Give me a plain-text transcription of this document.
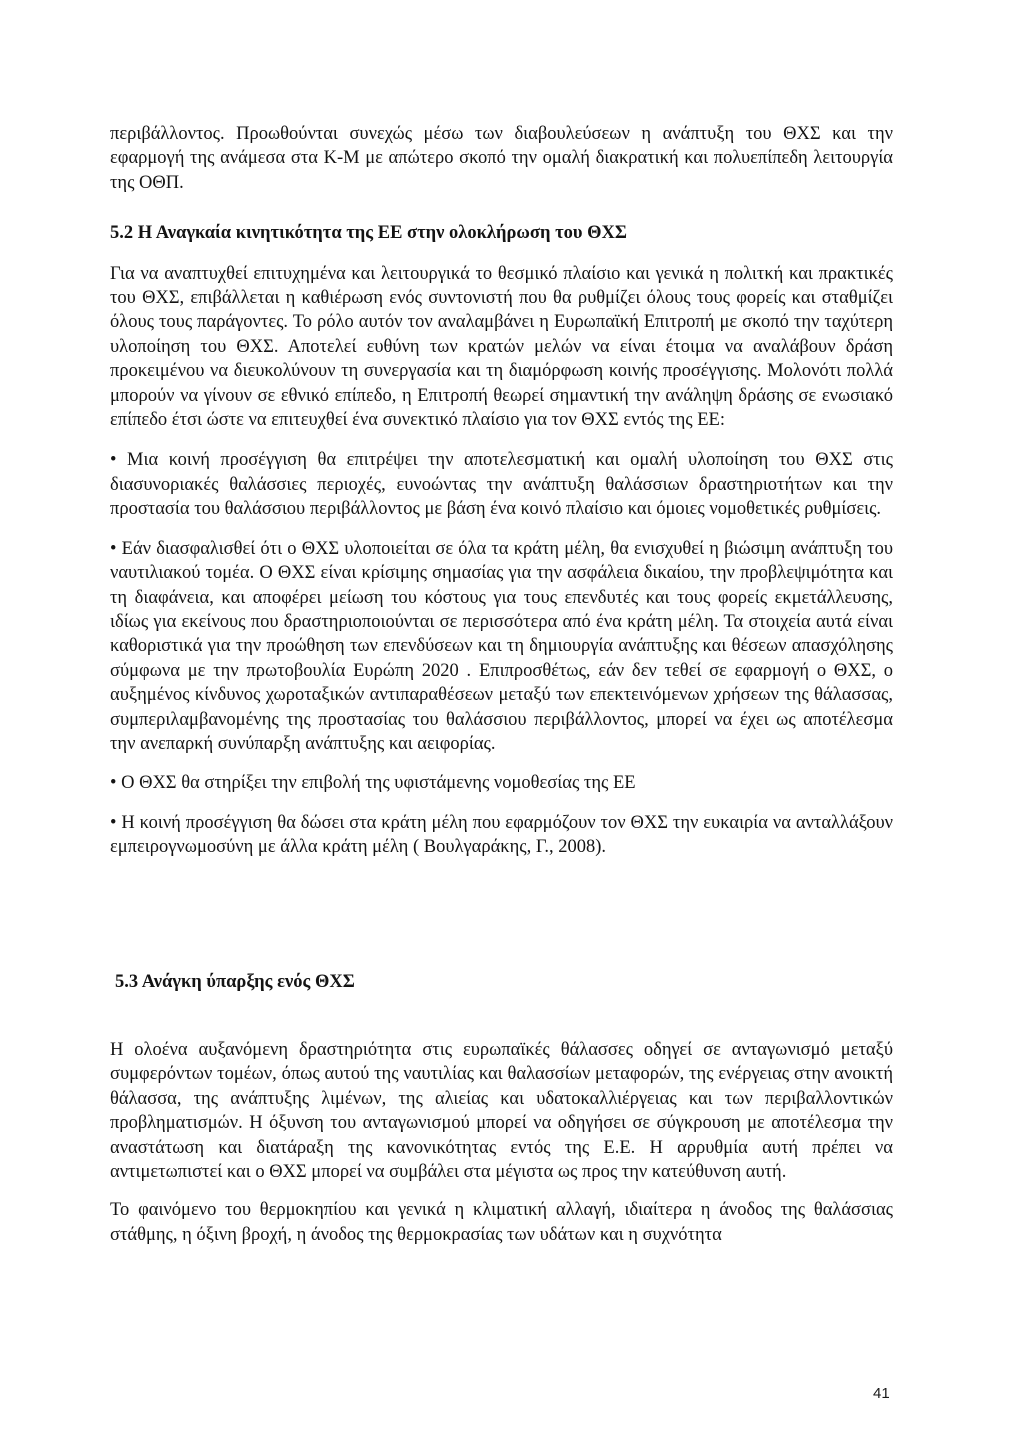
περιβάλλοντος. Προωθούνται συνεχώς μέσω των διαβουλεύσεων η ανάπτυξη του ΘΧΣ και την εφαρμογή της ανάμεσα στα Κ-Μ με απώτερο σκοπό την ομαλή διακρατική και πολυεπίπεδη λειτουργία της ΟΘΠ.

5.2 Η Αναγκαία κινητικότητα της ΕΕ στην ολοκλήρωση του ΘΧΣ

Για να αναπτυχθεί επιτυχημένα και λειτουργικά το θεσμικό πλαίσιο και γενικά η πολιτκή και πρακτικές του ΘΧΣ, επιβάλλεται η καθιέρωση ενός συντονιστή που θα ρυθμίζει όλους τους φορείς και σταθμίζει όλους τους παράγοντες. Το ρόλο αυτόν τον αναλαμβάνει η Ευρωπαϊκή Επιτροπή με σκοπό την ταχύτερη υλοποίηση του ΘΧΣ. Αποτελεί ευθύνη των κρατών μελών να είναι έτοιμα να αναλάβουν δράση προκειμένου να διευκολύνουν τη συνεργασία και τη διαμόρφωση κοινής προσέγγισης. Μολονότι πολλά μπορούν να γίνουν σε εθνικό επίπεδο, η Επιτροπή θεωρεί σημαντική την ανάληψη δράσης σε ενωσιακό επίπεδο έτσι ώστε να επιτευχθεί ένα συνεκτικό πλαίσιο για τον ΘΧΣ εντός της ΕΕ:

• Μια κοινή προσέγγιση θα επιτρέψει την αποτελεσματική και ομαλή υλοποίηση του ΘΧΣ στις διασυνοριακές θαλάσσιες περιοχές, ευνοώντας την ανάπτυξη θαλάσσιων δραστηριοτήτων και την προστασία του θαλάσσιου περιβάλλοντος με βάση ένα κοινό πλαίσιο και όμοιες νομοθετικές ρυθμίσεις.

• Εάν διασφαλισθεί ότι ο ΘΧΣ υλοποιείται σε όλα τα κράτη μέλη, θα ενισχυθεί η βιώσιμη ανάπτυξη του ναυτιλιακού τομέα. Ο ΘΧΣ είναι κρίσιμης σημασίας για την ασφάλεια δικαίου, την προβλεψιμότητα και τη διαφάνεια, και αποφέρει μείωση του κόστους για τους επενδυτές και τους φορείς εκμετάλλευσης, ιδίως για εκείνους που δραστηριοποιούνται σε περισσότερα από ένα κράτη μέλη. Τα στοιχεία αυτά είναι καθοριστικά για την προώθηση των επενδύσεων και τη δημιουργία ανάπτυξης και θέσεων απασχόλησης σύμφωνα με την πρωτοβουλία Ευρώπη 2020 . Επιπροσθέτως, εάν δεν τεθεί σε εφαρμογή ο ΘΧΣ, ο αυξημένος κίνδυνος χωροταξικών αντιπαραθέσεων μεταξύ των επεκτεινόμενων χρήσεων της θάλασσας, συμπεριλαμβανομένης της προστασίας του θαλάσσιου περιβάλλοντος, μπορεί να έχει ως αποτέλεσμα την ανεπαρκή συνύπαρξη ανάπτυξης και αειφορίας.

• Ο ΘΧΣ θα στηρίξει την επιβολή της υφιστάμενης νομοθεσίας της ΕΕ

• Η κοινή προσέγγιση θα δώσει στα κράτη μέλη που εφαρμόζουν τον ΘΧΣ την ευκαιρία να ανταλλάξουν εμπειρογνωμοσύνη με άλλα κράτη μέλη ( Βουλγαράκης, Γ., 2008).

5.3 Ανάγκη ύπαρξης ενός ΘΧΣ

Η ολοένα αυξανόμενη δραστηριότητα στις ευρωπαϊκές θάλασσες οδηγεί σε ανταγωνισμό μεταξύ συμφερόντων τομέων, όπως αυτού της ναυτιλίας και θαλασσίων μεταφορών, της ενέργειας στην ανοικτή θάλασσα, της ανάπτυξης λιμένων, της αλιείας και υδατοκαλλιέργειας και των περιβαλλοντικών προβληματισμών. Η όξυνση του ανταγωνισμού μπορεί να οδηγήσει σε σύγκρουση με αποτέλεσμα την αναστάτωση και διατάραξη της κανονικότητας εντός της Ε.Ε. Η αρρυθμία αυτή πρέπει να αντιμετωπιστεί και ο ΘΧΣ μπορεί να συμβάλει στα μέγιστα ως προς την κατεύθυνση αυτή.

Το φαινόμενο του θερμοκηπίου και γενικά η κλιματική αλλαγή, ιδιαίτερα η άνοδος της θαλάσσιας στάθμης, η όξινη βροχή, η άνοδος της θερμοκρασίας των υδάτων και η συχνότητα

41
